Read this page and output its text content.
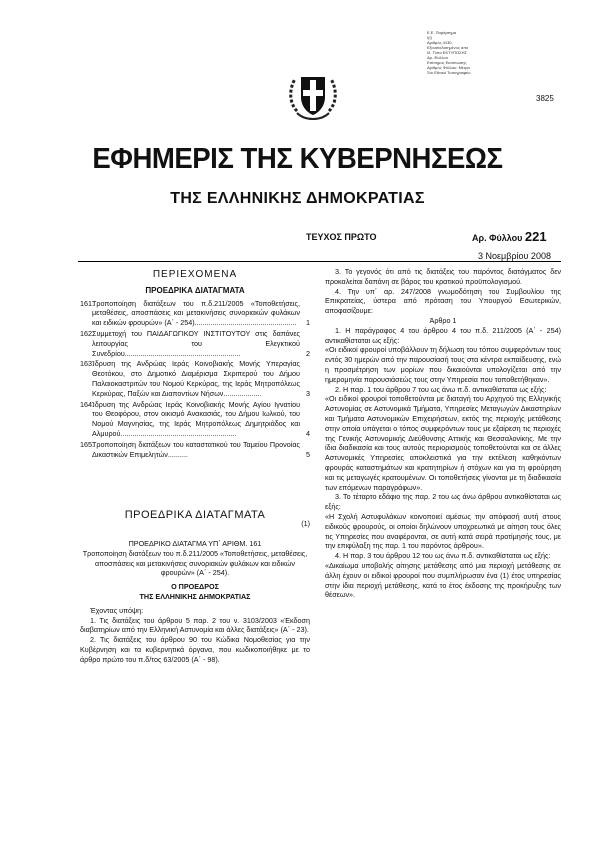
Ε.Ε. Παράρτημα
Ι(Ι)
Αριθμός 4130,
Εξουσιοδοτημένος από
Ιδ. Τύπο ΕΚΤΥΠΩΣΗΣ
Αρ. Φύλλου
Επίσημος Εκτύπωσης
Αριθμός Φύλλου: Μέτρα
Στο Εθνικό Τυπογραφείο
3825
ΕΦΗΜΕΡΙΣ ΤΗΣ ΚΥΒΕΡΝΗΣΕΩΣ
ΤΗΣ ΕΛΛΗΝΙΚΗΣ ΔΗΜΟΚΡΑΤΙΑΣ
ΤΕΥΧΟΣ ΠΡΩΤΟ	Αρ. Φύλλου 221
3 Νοεμβρίου 2008
ΠΕΡΙΕΧΟΜΕΝΑ
ΠΡΟΕΔΡΙΚΑ ΔΙΑΤΑΓΜΑΤΑ
161.
Τροποποίηση διατάξεων του π.δ.211/2005 «Τοποθετήσεις, μεταθέσεις, αποσπάσεις και μετακινήσεις συνοριακών φυλάκων και ειδικών φρουρών» (Α΄ - 254)................................................... 1
162.
Συμμετοχή του ΠΑΙΔΑΓΩΓΙΚΟΥ ΙΝΣΤΙΤΟΥΤΟΥ στις δαπάνες λειτουργίας του Ελεγκτικού Συνεδρίου..........................................................	2
163.
Ίδρυση της Ανδρώας Ιεράς Κοινοβιακής Μονής Υπεραγίας Θεοτόκου, στο Δημοτικό Διαμέρισμα Σκριπερού του Δήμου Παλαιοκαστριτών του Νομού Κερκύρας, της Ιεράς Μητροπόλεως Κερκύρας, Παξών και Διαποντίων Νήσων...................	3
164.
Ίδρυση της Ανδρώας Ιεράς Κοινοβιακής Μονής Αγίου Ιγνατίου του Θεοφόρου, στον οικισμό Ανακασιάς, του Δήμου Ιωλκού, του Νομού Μαγνησίας, της Ιεράς Μητροπόλεως Δημητριάδος και Αλμυρού..........................................................	4
165.
Τροποποίηση διατάξεων του καταστατικού του Ταμείου Προνοίας Δικαστικών Επιμελητών..........	5
ΠΡΟΕΔΡΙΚΑ ΔΙΑΤΑΓΜΑΤΑ
(1)
ΠΡΟΕΔΡΙΚΟ ΔΙΑΤΑΓΜΑ ΥΠ΄ ΑΡΙΘΜ. 161
Τροποποίηση διατάξεων του π.δ.211/2005 «Τοποθετήσεις, μεταθέσεις, αποσπάσεις και μετακινήσεις συνοριακών φυλάκων και ειδικών φρουρών» (Α΄ - 254).
Ο ΠΡΟΕΔΡΟΣ
ΤΗΣ ΕΛΛΗΝΙΚΗΣ ΔΗΜΟΚΡΑΤΙΑΣ

Έχοντας υπόψη:

1. Τις διατάξεις του άρθρου 5 παρ. 2 του ν. 3103/2003 «Έκδοση διαβατηρίων από την Ελληνική Αστυνομία και άλλες διατάξεις» (Α΄ - 23).

2. Τις διατάξεις του άρθρου 90 του Κώδικα Νομοθεσίας για την Κυβέρνηση και τα κυβερνητικά όργανα, που κωδικοποιήθηκε με το άρθρο πρώτο του π.δ/τος 63/2005 (Α΄ - 98).

3. Το γεγονός ότι από τις διατάξεις του παρόντος διατάγματος δεν προκαλείται δαπάνη σε βάρος του κρατικού προϋπολογισμού.

4. Την υπ΄ αρ. 247/2008 γνωμοδότηση του Συμβουλίου της Επικρατείας, ύστερα από πρόταση του Υπουργού Εσωτερικών, αποφασίζουμε:

Άρθρο 1

1. Η παράγραφος 4 του άρθρου 4 του π.δ. 211/2005 (Α΄ - 254) αντικαθίσταται ως εξής:

«Οι ειδικοί φρουροί υποβάλλουν τη δήλωση του τόπου συμφερόντων τους εντός 30 ημερών από την παρουσίασή τους στα κέντρα εκπαίδευσης, ενώ η προσμέτρηση των μορίων που δικαιούνται υπολογίζεται από την ημερομηνία παρουσιάσεώς τους στην Υπηρεσία που τοποθετήθηκαν».

2. Η παρ. 1 του άρθρου 7 του ως άνω π.δ. αντικαθίσταται ως εξής:

«Οι ειδικοί φρουροί τοποθετούνται με διαταγή του Αρχηγού της Ελληνικής Αστυνομίας σε Αστυνομικά Τμήματα, Υπηρεσίες Μεταγωγών Δικαστηρίων και Τμήματα Αστυνομικών Επιχειρήσεων, εκτός της περιοχής μετάθεσης στην οποία υπάγεται ο τόπος συμφερόντων τους με εξαίρεση τις περιοχές της Γενικής Αστυνομικής Διεύθυνσης Αττικής και Θεσσαλονίκης. Με την ίδια διαδικασία και τους αυτούς περιορισμούς τοποθετούνται και σε άλλες Αστυνομικές Υπηρεσίες αποκλειστικά για την εκτέλεση καθηκόντων φρουράς καταστημάτων και κρατητηρίων ή στόχων και για τη φρούρηση και τις μεταγωγές κρατουμένων. Οι τοποθετήσεις γίνονται με τη διαδικασία των επόμενων παραγράφων».

3. Το τέταρτο εδάφιο της παρ. 2 του ως άνω άρθρου αντικαθίσταται ως εξής:

«Η Σχολή Αστυφυλάκων κοινοποιεί αμέσως την απόφασή αυτή στους ειδικούς φρουρούς, οι οποίοι δηλώνουν υποχρεωτικά με αίτηση τους όλες τις Υπηρεσίες που αναφέρονται, σε αυτή κατά σειρά προτίμησής τους, με την επιφύλαξη της παρ. 1 του παρόντος άρθρου».

4. Η παρ. 3 του άρθρου 12 του ως άνω π.δ. αντικαθίσταται ως εξής:

«Δικαίωμα υποβολής αίτησης μετάθεσης από μια περιοχή μετάθεσης σε άλλη έχουν οι ειδικοί φρουροί που συμπλήρωσαν ένα (1) έτος υπηρεσίας στην ίδια περιοχή μετάθεσης, κατά το έτος έκδοσης της προκήρυξης των θέσεων».
